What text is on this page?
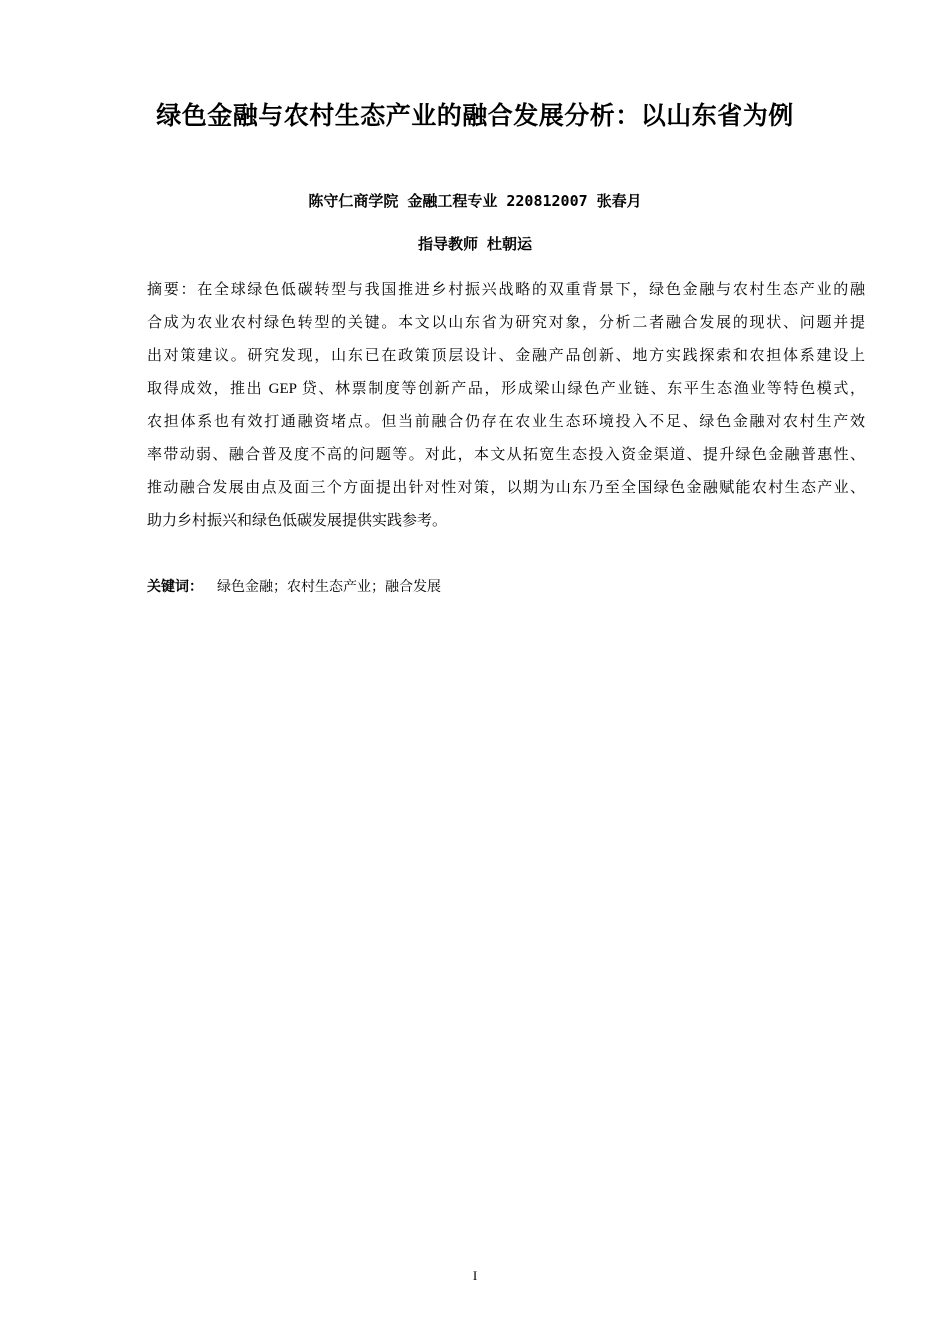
绿色金融与农村生态产业的融合发展分析：以山东省为例
陈守仁商学院 金融工程专业 220812007 张春月
指导教师 杜朝运
摘要：在全球绿色低碳转型与我国推进乡村振兴战略的双重背景下，绿色金融与农村生态产业的融
合成为农业农村绿色转型的关键。本文以山东省为研究对象，分析二者融合发展的现状、问题并提
出对策建议。研究发现，山东已在政策顶层设计、金融产品创新、地方实践探索和农担体系建设上
取得成效，推出 GEP 贷、林票制度等创新产品，形成梁山绿色产业链、东平生态渔业等特色模式，
农担体系也有效打通融资堵点。但当前融合仍存在农业生态环境投入不足、绿色金融对农村生产效
率带动弱、融合普及度不高的问题等。对此，本文从拓宽生态投入资金渠道、提升绿色金融普惠性、
推动融合发展由点及面三个方面提出针对性对策，以期为山东乃至全国绿色金融赋能农村生态产业、
助力乡村振兴和绿色低碳发展提供实践参考。
关键词： 绿色金融；农村生态产业；融合发展
I
